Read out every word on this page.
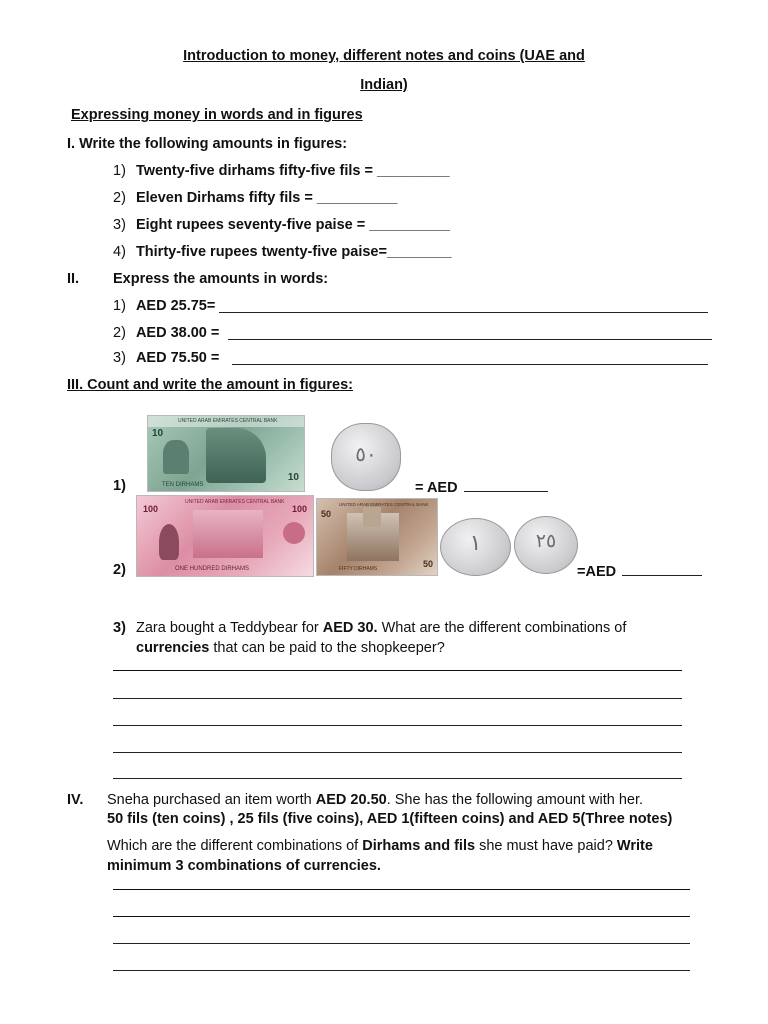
Introduction to money, different notes and coins (UAE and
Indian)
Expressing money in words and in figures
I. Write the following amounts in figures:
1) Twenty-five dirhams fifty-five fils = _________
2) Eleven Dirhams fifty fils = __________
3) Eight rupees seventy-five paise = __________
4) Thirty-five rupees twenty-five paise=________
II. Express the amounts in words:
1) AED 25.75=
2) AED 38.00 =
3) AED 75.50 =
III. Count and write the amount in figures:
UNITED ARAB EMIRATES CENTRAL BANK
10
10
TEN DIRHAMS
٥٠
1)	= AED
UNITED ARAB EMIRATES CENTRAL BANK
100	100
ONE HUNDRED DIRHAMS
UNITED ARAB EMIRATES CENTRAL BANK
50
50
FIFTY DIRHAMS
١	٢٥
2)	=AED
3) Zara bought a Teddybear for AED 30. What are the different combinations of
currencies that can be paid to the shopkeeper?
IV. Sneha purchased an item worth AED 20.50. She has the following amount with her.
50 fils (ten coins) , 25 fils (five coins), AED 1(fifteen coins) and AED 5(Three notes)
Which are the different combinations of Dirhams and fils she must have paid? Write
minimum 3 combinations of currencies.
